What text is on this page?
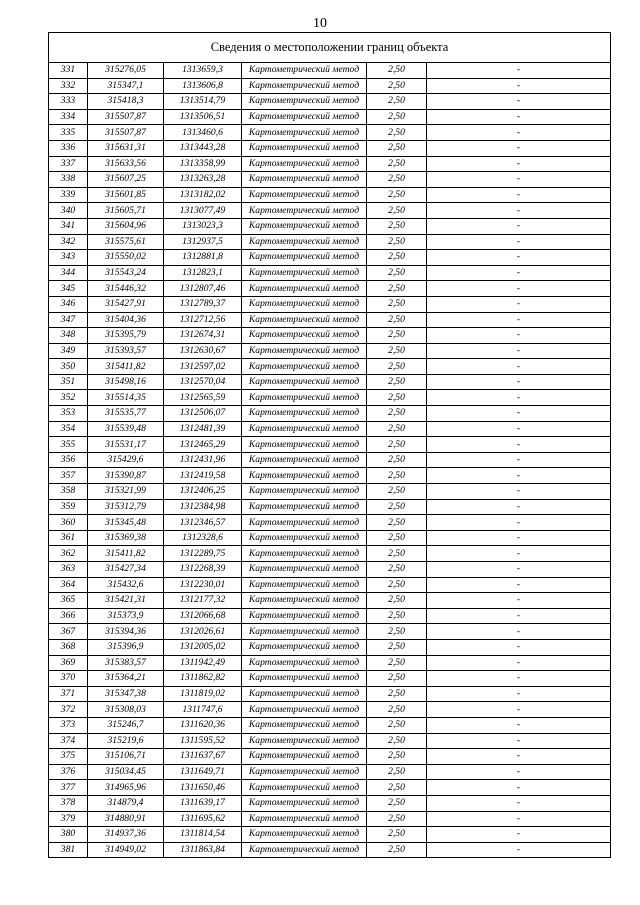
10
Сведения о местоположении границ объекта					
331	315276,05	1313659,3	Картометрический метод	2,50	-
332	315347,1	1313606,8	Картометрический метод	2,50	-
333	315418,3	1313514,79	Картометрический метод	2,50	-
334	315507,87	1313506,51	Картометрический метод	2,50	-
335	315507,87	1313460,6	Картометрический метод	2,50	-
336	315631,31	1313443,28	Картометрический метод	2,50	-
337	315633,56	1313358,99	Картометрический метод	2,50	-
338	315607,25	1313263,28	Картометрический метод	2,50	-
339	315601,85	1313182,02	Картометрический метод	2,50	-
340	315605,71	1313077,49	Картометрический метод	2,50	-
341	315604,96	1313023,3	Картометрический метод	2,50	-
342	315575,61	1312937,5	Картометрический метод	2,50	-
343	315550,02	1312881,8	Картометрический метод	2,50	-
344	315543,24	1312823,1	Картометрический метод	2,50	-
345	315446,32	1312807,46	Картометрический метод	2,50	-
346	315427,91	1312789,37	Картометрический метод	2,50	-
347	315404,36	1312712,56	Картометрический метод	2,50	-
348	315395,79	1312674,31	Картометрический метод	2,50	-
349	315393,57	1312630,67	Картометрический метод	2,50	-
350	315411,82	1312597,02	Картометрический метод	2,50	-
351	315498,16	1312570,04	Картометрический метод	2,50	-
352	315514,35	1312565,59	Картометрический метод	2,50	-
353	315535,77	1312506,07	Картометрический метод	2,50	-
354	315539,48	1312481,39	Картометрический метод	2,50	-
355	315531,17	1312465,29	Картометрический метод	2,50	-
356	315429,6	1312431,96	Картометрический метод	2,50	-
357	315390,87	1312419,58	Картометрический метод	2,50	-
358	315321,99	1312406,25	Картометрический метод	2,50	-
359	315312,79	1312384,98	Картометрический метод	2,50	-
360	315345,48	1312346,57	Картометрический метод	2,50	-
361	315369,38	1312328,6	Картометрический метод	2,50	-
362	315411,82	1312289,75	Картометрический метод	2,50	-
363	315427,34	1312268,39	Картометрический метод	2,50	-
364	315432,6	1312230,01	Картометрический метод	2,50	-
365	315421,31	1312177,32	Картометрический метод	2,50	-
366	315373,9	1312066,68	Картометрический метод	2,50	-
367	315394,36	1312026,61	Картометрический метод	2,50	-
368	315396,9	1312005,02	Картометрический метод	2,50	-
369	315383,57	1311942,49	Картометрический метод	2,50	-
370	315364,21	1311862,82	Картометрический метод	2,50	-
371	315347,38	1311819,02	Картометрический метод	2,50	-
372	315308,03	1311747,6	Картометрический метод	2,50	-
373	315246,7	1311620,36	Картометрический метод	2,50	-
374	315219,6	1311595,52	Картометрический метод	2,50	-
375	315106,71	1311637,67	Картометрический метод	2,50	-
376	315034,45	1311649,71	Картометрический метод	2,50	-
377	314965,96	1311650,46	Картометрический метод	2,50	-
378	314879,4	1311639,17	Картометрический метод	2,50	-
379	314880,91	1311695,62	Картометрический метод	2,50	-
380	314937,36	1311814,54	Картометрический метод	2,50	-
381	314949,02	1311863,84	Картометрический метод	2,50	-
